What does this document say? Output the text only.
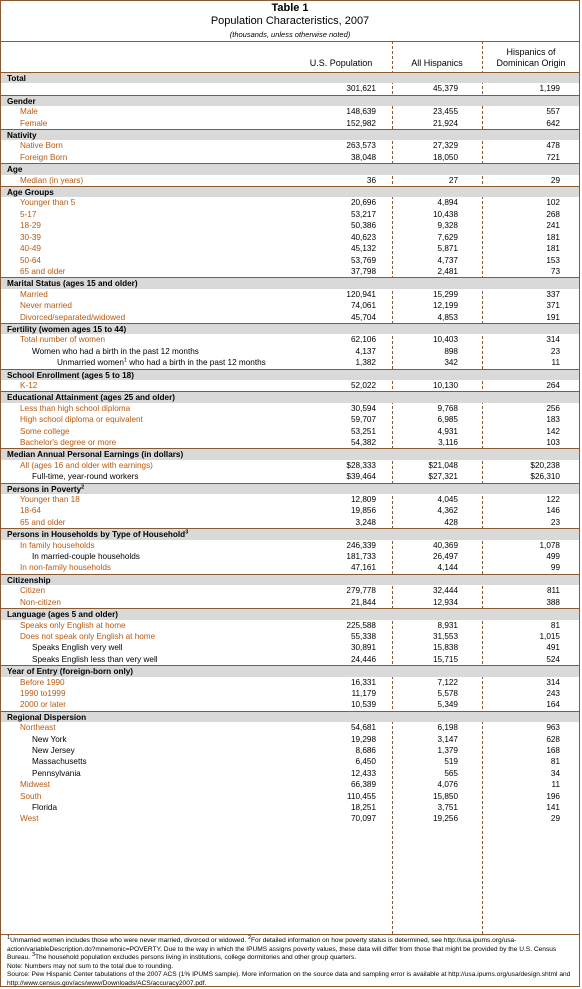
Table 1
Population Characteristics, 2007
(thousands, unless otherwise noted)
U.S. Population	All Hispanics
Hispanics of
Dominican Origin
Total
301,621	45,379	1,199
Gender
Male	148,639	23,455	557
Female	152,982	21,924	642
Nativity
Native Born	263,573	27,329	478
Foreign Born	38,048	18,050	721
Age
Median (in years)	36	27	29
Age Groups
Younger than 5	20,696	4,894	102
5-17	53,217	10,438	268
18-29	50,386	9,328	241
30-39	40,623	7,629	181
40-49	45,132	5,871	181
50-64	53,769	4,737	153
65 and older	37,798	2,481	73
Marital Status (ages 15 and older)
Married	120,941	15,299	337
Never married	74,061	12,199	371
Divorced/separated/widowed	45,704	4,853	191
Fertility (women ages 15 to 44)
Total number of women	62,106	10,403	314
Women who had a birth in the past 12 months	4,137	898	23
Unmarried women$^1$ who had a birth in the past 12 months	1,382	342	11
School Enrollment (ages 5 to 18)
K-12	52,022	10,130	264
Educational Attainment (ages 25 and older)
Less than high school diploma	30,594	9,768	256
High school diploma or equivalent	59,707	6,985	183
Some college	53,251	4,931	142
Bachelor's degree or more	54,382	3,116	103
Median Annual Personal Earnings (in dollars)
All (ages 16 and older with earnings)	$28,333	$21,048	$20,238
Full-time, year-round workers	$39,464	$27,321	$26,310
Persons in Poverty$^2$
Younger than 18	12,809	4,045	122
18-64	19,856	4,362	146
65 and older	3,248	428	23
Persons in Households by Type of Household$^3$
In family households	246,339	40,369	1,078
In married-couple households	181,733	26,497	499
In non-family households	47,161	4,144	99
Citizenship
Citizen	279,778	32,444	811
Non-citizen	21,844	12,934	388
Language (ages 5 and older)
Speaks only English at home	225,588	8,931	81
Does not speak only English at home	55,338	31,553	1,015
Speaks English very well	30,891	15,838	491
Speaks English less than very well	24,446	15,715	524
Year of Entry (foreign-born only)
Before 1990	16,331	7,122	314
1990 to1999	11,179	5,578	243
2000 or later	10,539	5,349	164
Regional Dispersion
Northeast	54,681	6,198	963
New York	19,298	3,147	628
New Jersey	8,686	1,379	168
Massachusetts	6,450	519	81
Pennsylvania	12,433	565	34
Midwest	66,389	4,076	11
South	110,455	15,850	196
Florida	18,251	3,751	141
West	70,097	19,256	29

$^1$Unmarried women includes those who were never married, divorced or widowed. $^2$For detailed information on how poverty status is determined, see http://usa.ipums.org/usa-action/variableDescription.do?mnemonic=POVERTY. Due to the way in which the IPUMS assigns poverty values, these data will differ from those that might be provided by the U.S. Census Bureau. $^3$The household population excludes persons living in institutions, college dormitories and other group quarters.

Note: Numbers may not sum to the total due to rounding.

Source: Pew Hispanic Center tabulations of the 2007 ACS (1% IPUMS sample). More information on the source data and sampling error is available at http://usa.ipums.org/usa/design.shtml and http://www.census.gov/acs/www/Downloads/ACS/accuracy2007.pdf.
